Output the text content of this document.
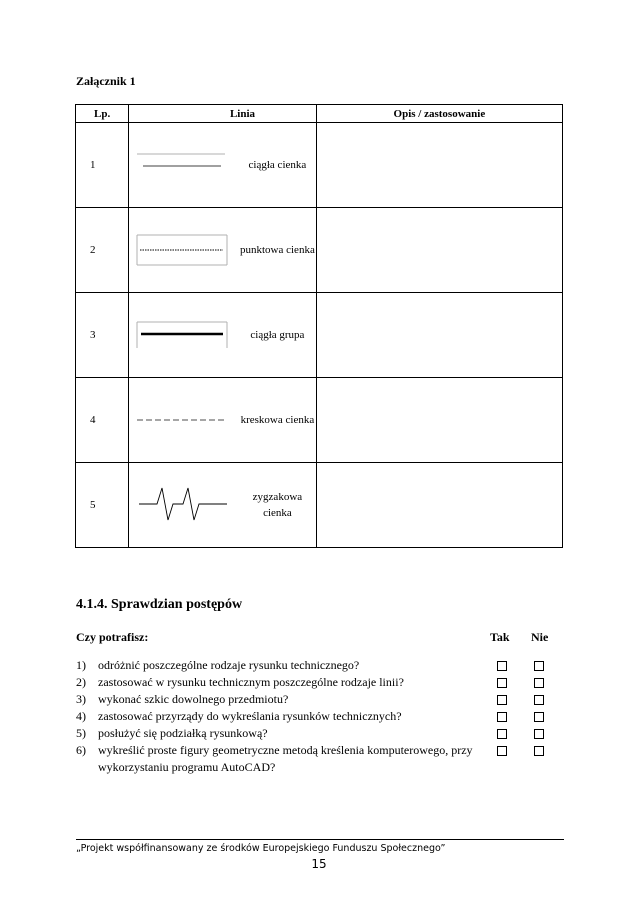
Załącznik 1
Lp.	Linia		Opis / zastosowanie
1		ciągła cienka	
2		punktowa cienka	
3		ciągła grupa	
4		kreskowa cienka	
5		zygzakowa cienka	
4.1.4. Sprawdzian postępów
Czy potrafisz:	Tak Nie
1)	odróżnić poszczególne rodzaje rysunku technicznego?
2)	zastosować w rysunku technicznym poszczególne rodzaje linii?
3)	wykonać szkic dowolnego przedmiotu?
4)	zastosować przyrządy do wykreślania rysunków technicznych?
5)	posłużyć się podziałką rysunkową?
6)	wykreślić proste figury geometryczne metodą kreślenia komputerowego, przy wykorzystaniu programu AutoCAD?
„Projekt współfinansowany ze środków Europejskiego Funduszu Społecznego”
15
